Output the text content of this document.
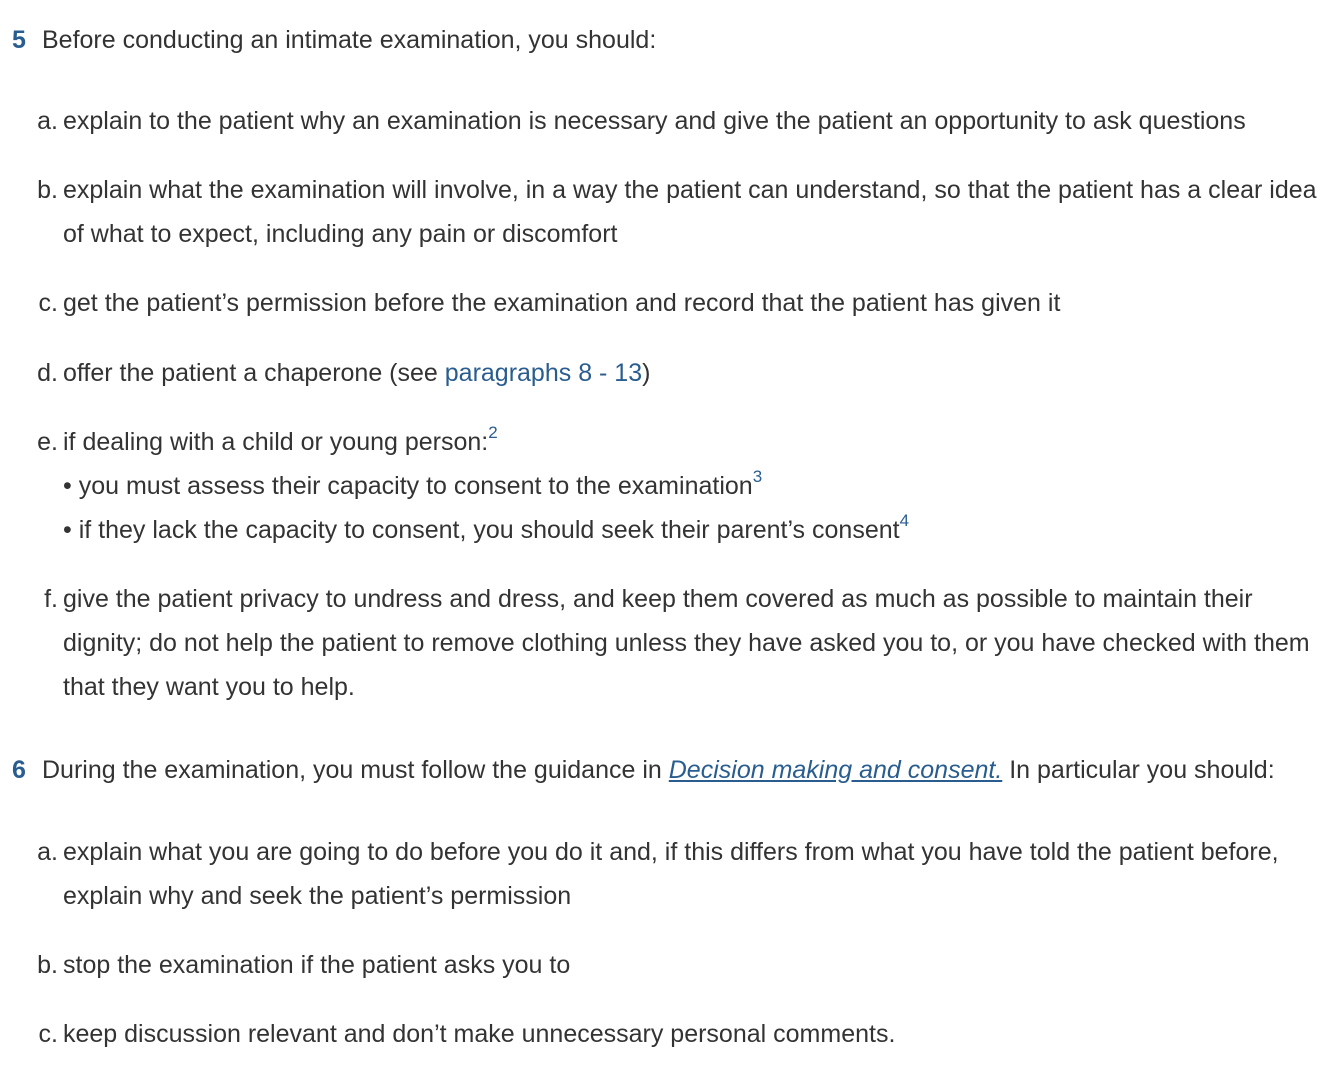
5 Before conducting an intimate examination, you should:
a. explain to the patient why an examination is necessary and give the patient an opportunity to ask questions
b. explain what the examination will involve, in a way the patient can understand, so that the patient has a clear idea
of what to expect, including any pain or discomfort
c. get the patient’s permission before the examination and record that the patient has given it
d. offer the patient a chaperone (see paragraphs 8 - 13)
e. if dealing with a child or young person:$^2$
• you must assess their capacity to consent to the examination$^3$
• if they lack the capacity to consent, you should seek their parent’s consent$^4$
f. give the patient privacy to undress and dress, and keep them covered as much as possible to maintain their
dignity; do not help the patient to remove clothing unless they have asked you to, or you have checked with them
that they want you to help.
6 During the examination, you must follow the guidance in Decision making and consent. In particular you should:
a. explain what you are going to do before you do it and, if this differs from what you have told the patient before,
explain why and seek the patient’s permission
b. stop the examination if the patient asks you to
c. keep discussion relevant and don’t make unnecessary personal comments.
